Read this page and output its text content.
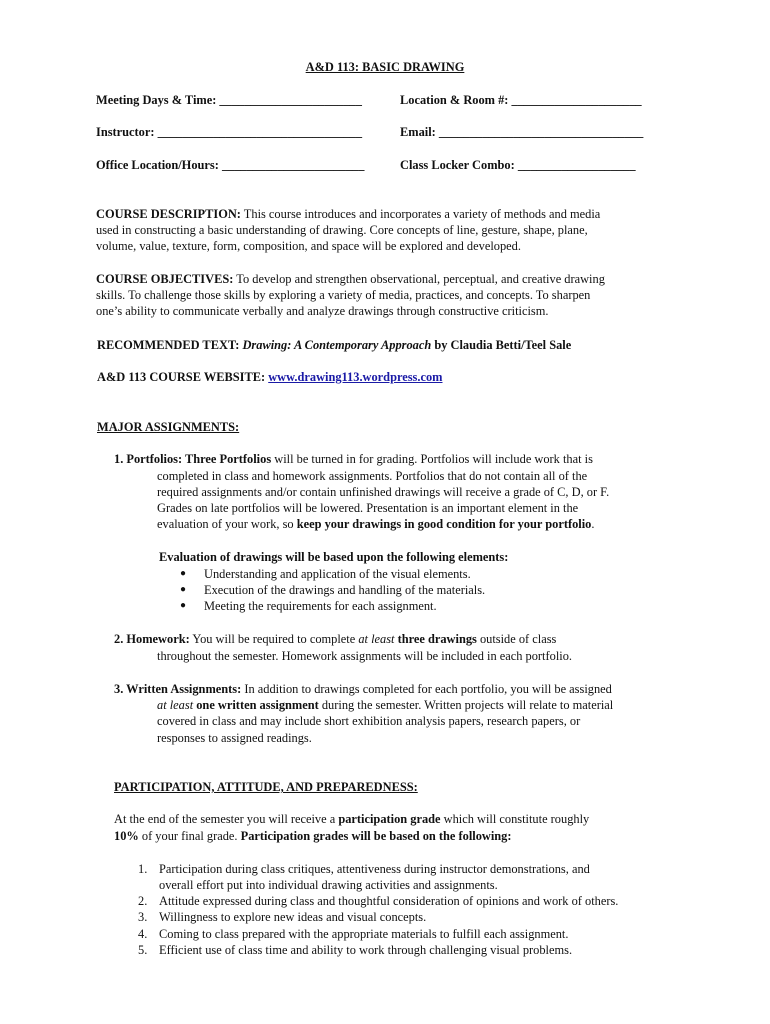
A&D 113: BASIC DRAWING
Meeting Days & Time: _______________________	Location & Room #: _____________________
Instructor: _________________________________	Email: _________________________________
Office Location/Hours: _______________________	Class Locker Combo: ___________________
COURSE DESCRIPTION: This course introduces and incorporates a variety of methods and media
used in constructing a basic understanding of drawing. Core concepts of line, gesture, shape, plane,
volume, value, texture, form, composition, and space will be explored and developed.
COURSE OBJECTIVES: To develop and strengthen observational, perceptual, and creative drawing
skills. To challenge those skills by exploring a variety of media, practices, and concepts. To sharpen
one’s ability to communicate verbally and analyze drawings through constructive criticism.
RECOMMENDED TEXT: Drawing: A Contemporary Approach by Claudia Betti/Teel Sale
A&D 113 COURSE WEBSITE: www.drawing113.wordpress.com
MAJOR ASSIGNMENTS:
1. Portfolios: Three Portfolios will be turned in for grading. Portfolios will include work that is
completed in class and homework assignments. Portfolios that do not contain all of the
required assignments and/or contain unfinished drawings will receive a grade of C, D, or F.
Grades on late portfolios will be lowered. Presentation is an important element in the
evaluation of your work, so keep your drawings in good condition for your portfolio.
Evaluation of drawings will be based upon the following elements:
● Understanding and application of the visual elements.
● Execution of the drawings and handling of the materials.
● Meeting the requirements for each assignment.
2. Homework: You will be required to complete at least three drawings outside of class
throughout the semester. Homework assignments will be included in each portfolio.
3. Written Assignments: In addition to drawings completed for each portfolio, you will be assigned
at least one written assignment during the semester. Written projects will relate to material
covered in class and may include short exhibition analysis papers, research papers, or
responses to assigned readings.
PARTICIPATION, ATTITUDE, AND PREPAREDNESS:
At the end of the semester you will receive a participation grade which will constitute roughly
10% of your final grade. Participation grades will be based on the following:
1. Participation during class critiques, attentiveness during instructor demonstrations, and
overall effort put into individual drawing activities and assignments.
2. Attitude expressed during class and thoughtful consideration of opinions and work of others.
3. Willingness to explore new ideas and visual concepts.
4. Coming to class prepared with the appropriate materials to fulfill each assignment.
5. Efficient use of class time and ability to work through challenging visual problems.
